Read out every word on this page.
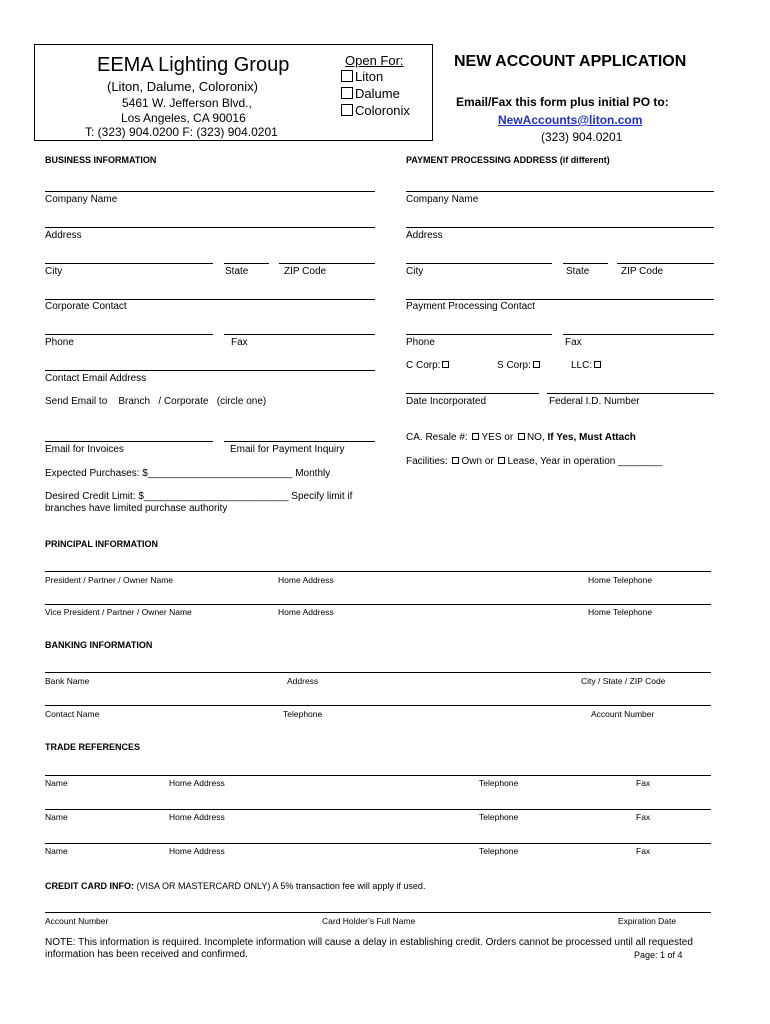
EEMA Lighting Group
(Liton, Dalume, Coloronix)
5461 W. Jefferson Blvd.,
Los Angeles, CA 90016
T: (323) 904.0200 F: (323) 904.0201
Open For:
Liton
Dalume
Coloronix
NEW ACCOUNT APPLICATION
Email/Fax this form plus initial PO to:
NewAccounts@liton.com
(323) 904.0201
BUSINESS INFORMATION	PAYMENT PROCESSING ADDRESS (if different)
Company Name	Company Name
Address	Address
City	State	ZIP Code	City	State	ZIP Code
Corporate Contact	Payment Processing Contact
Phone	Fax	Phone	Fax
C Corp:	S Corp:	LLC:
Contact Email Address
Send Email to    Branch   / Corporate   (circle one)	Date Incorporated	Federal I.D. Number
Email for Invoices	Email for Payment Inquiry
CA. Resale #: YES or NO, If Yes, Must Attach
Facilities: Own or Lease, Year in operation ________
Expected Purchases: $__________________________ Monthly
Desired Credit Limit: $__________________________ Specify limit if
branches have limited purchase authority
PRINCIPAL INFORMATION
President / Partner / Owner Name	Home Address	Home Telephone
Vice President / Partner / Owner Name	Home Address	Home Telephone
BANKING INFORMATION
Bank Name	Address	City / State / ZIP Code
Contact Name	Telephone	Account Number
TRADE REFERENCES
Name	Home Address	Telephone	Fax
Name	Home Address	Telephone	Fax
Name	Home Address	Telephone	Fax
CREDIT CARD INFO: (VISA OR MASTERCARD ONLY) A 5% transaction fee will apply if used.
Account Number	Card Holder’s Full Name	Expiration Date
NOTE: This information is required. Incomplete information will cause a delay in establishing credit. Orders cannot be processed until all requested
information has been received and confirmed.	Page: 1 of 4
